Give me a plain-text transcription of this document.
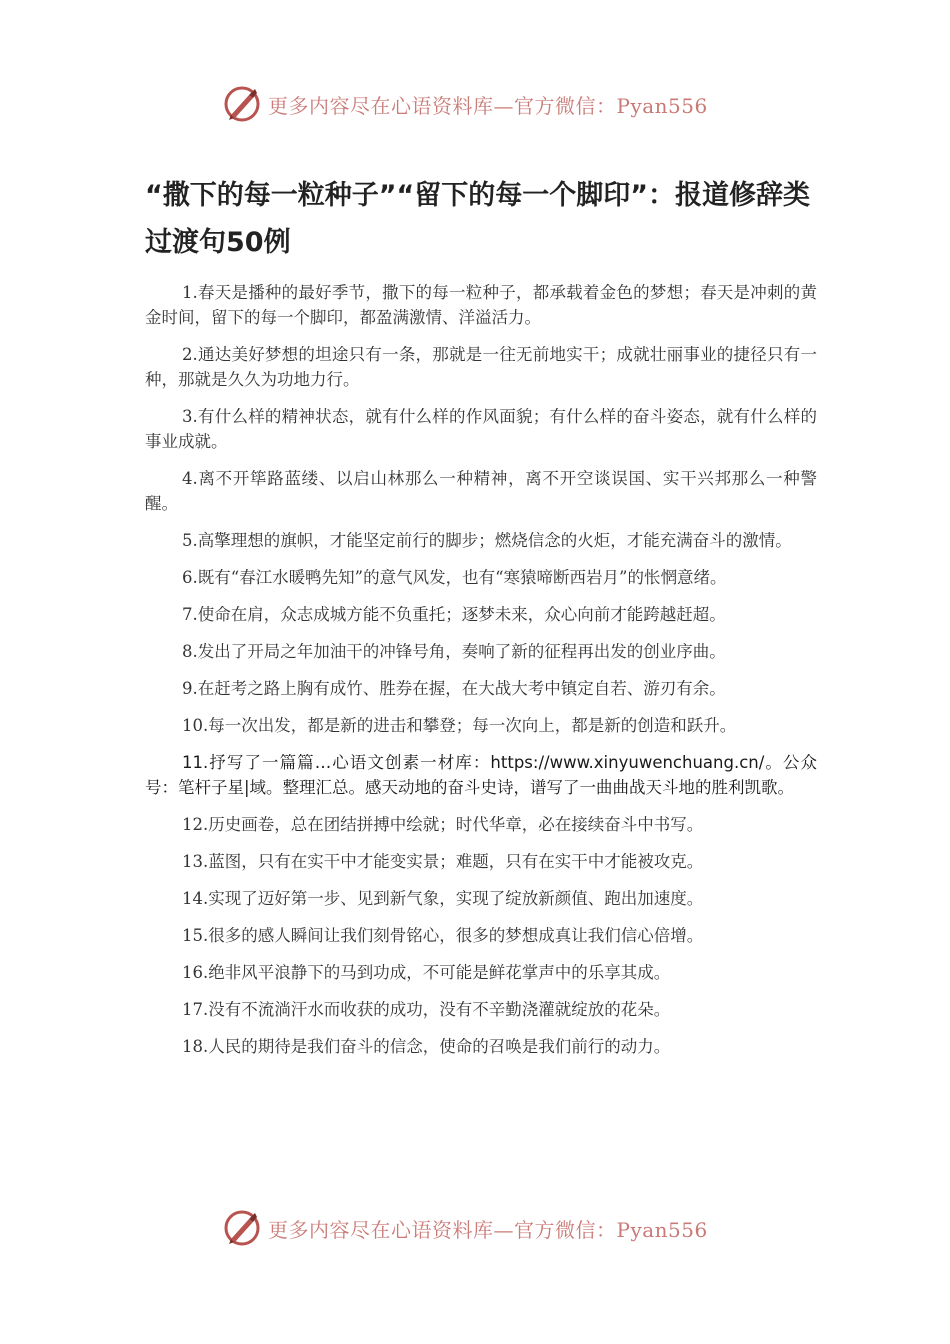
更多内容尽在心语资料库—官方微信：Pyan556
“撒下的每一粒种子”“留下的每一个脚印”：报道修辞类过渡句50例

1.春天是播种的最好季节，撒下的每一粒种子，都承载着金色的梦想；春天是冲刺的黄金时间，留下的每一个脚印，都盈满激情、洋溢活力。

2.通达美好梦想的坦途只有一条，那就是一往无前地实干；成就壮丽事业的捷径只有一种，那就是久久为功地力行。

3.有什么样的精神状态，就有什么样的作风面貌；有什么样的奋斗姿态，就有什么样的事业成就。

4.离不开筚路蓝缕、以启山林那么一种精神，离不开空谈误国、实干兴邦那么一种警醒。

5.高擎理想的旗帜，才能坚定前行的脚步；燃烧信念的火炬，才能充满奋斗的激情。

6.既有“春江水暖鸭先知”的意气风发，也有“寒猿啼断西岩月”的怅惘意绪。

7.使命在肩，众志成城方能不负重托；逐梦未来，众心向前才能跨越赶超。

8.发出了开局之年加油干的冲锋号角，奏响了新的征程再出发的创业序曲。

9.在赶考之路上胸有成竹、胜券在握，在大战大考中镇定自若、游刃有余。

10.每一次出发，都是新的进击和攀登；每一次向上，都是新的创造和跃升。

11.抒写了一篇篇…心语文创素一材库：https://www.xinyuwenchuang.cn/。公众号：笔杆子星|域。整理汇总。感天动地的奋斗史诗，谱写了一曲曲战天斗地的胜利凯歌。

12.历史画卷，总在团结拼搏中绘就；时代华章，必在接续奋斗中书写。

13.蓝图，只有在实干中才能变实景；难题，只有在实干中才能被攻克。

14.实现了迈好第一步、见到新气象，实现了绽放新颜值、跑出加速度。

15.很多的感人瞬间让我们刻骨铭心，很多的梦想成真让我们信心倍增。

16.绝非风平浪静下的马到功成，不可能是鲜花掌声中的乐享其成。

17.没有不流淌汗水而收获的成功，没有不辛勤浇灌就绽放的花朵。

18.人民的期待是我们奋斗的信念，使命的召唤是我们前行的动力。

更多内容尽在心语资料库—官方微信：Pyan556
